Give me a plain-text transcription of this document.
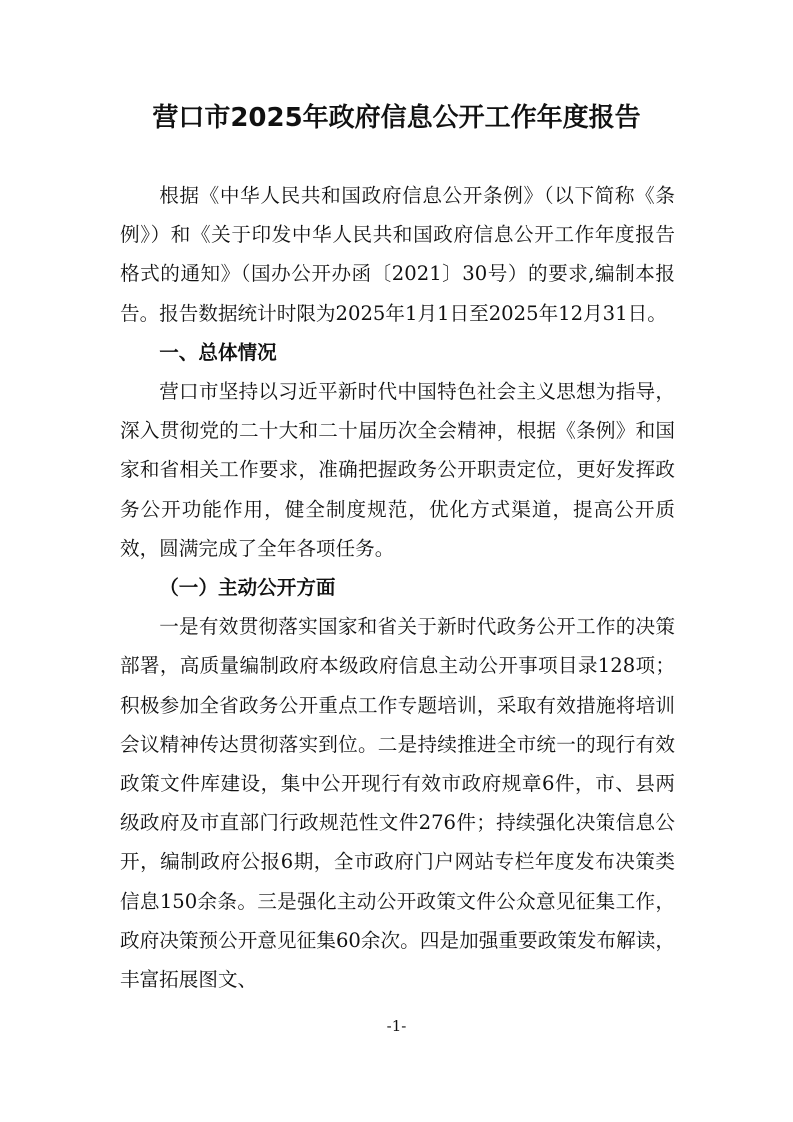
营口市2025年政府信息公开工作年度报告

根据《中华人民共和国政府信息公开条例》（以下简称《条例》）和《关于印发中华人民共和国政府信息公开工作年度报告格式的通知》（国办公开办函〔2021〕30号）的要求,编制本报告。报告数据统计时限为2025年1月1日至2025年12月31日。

一、总体情况

营口市坚持以习近平新时代中国特色社会主义思想为指导，深入贯彻党的二十大和二十届历次全会精神，根据《条例》和国家和省相关工作要求，准确把握政务公开职责定位，更好发挥政务公开功能作用，健全制度规范，优化方式渠道，提高公开质效，圆满完成了全年各项任务。

（一）主动公开方面

一是有效贯彻落实国家和省关于新时代政务公开工作的决策部署，高质量编制政府本级政府信息主动公开事项目录128项；积极参加全省政务公开重点工作专题培训，采取有效措施将培训会议精神传达贯彻落实到位。二是持续推进全市统一的现行有效政策文件库建设，集中公开现行有效市政府规章6件，市、县两级政府及市直部门行政规范性文件276件；持续强化决策信息公开，编制政府公报6期，全市政府门户网站专栏年度发布决策类信息150余条。三是强化主动公开政策文件公众意见征集工作，政府决策预公开意见征集60余次。四是加强重要政策发布解读，丰富拓展图文、

-1-
